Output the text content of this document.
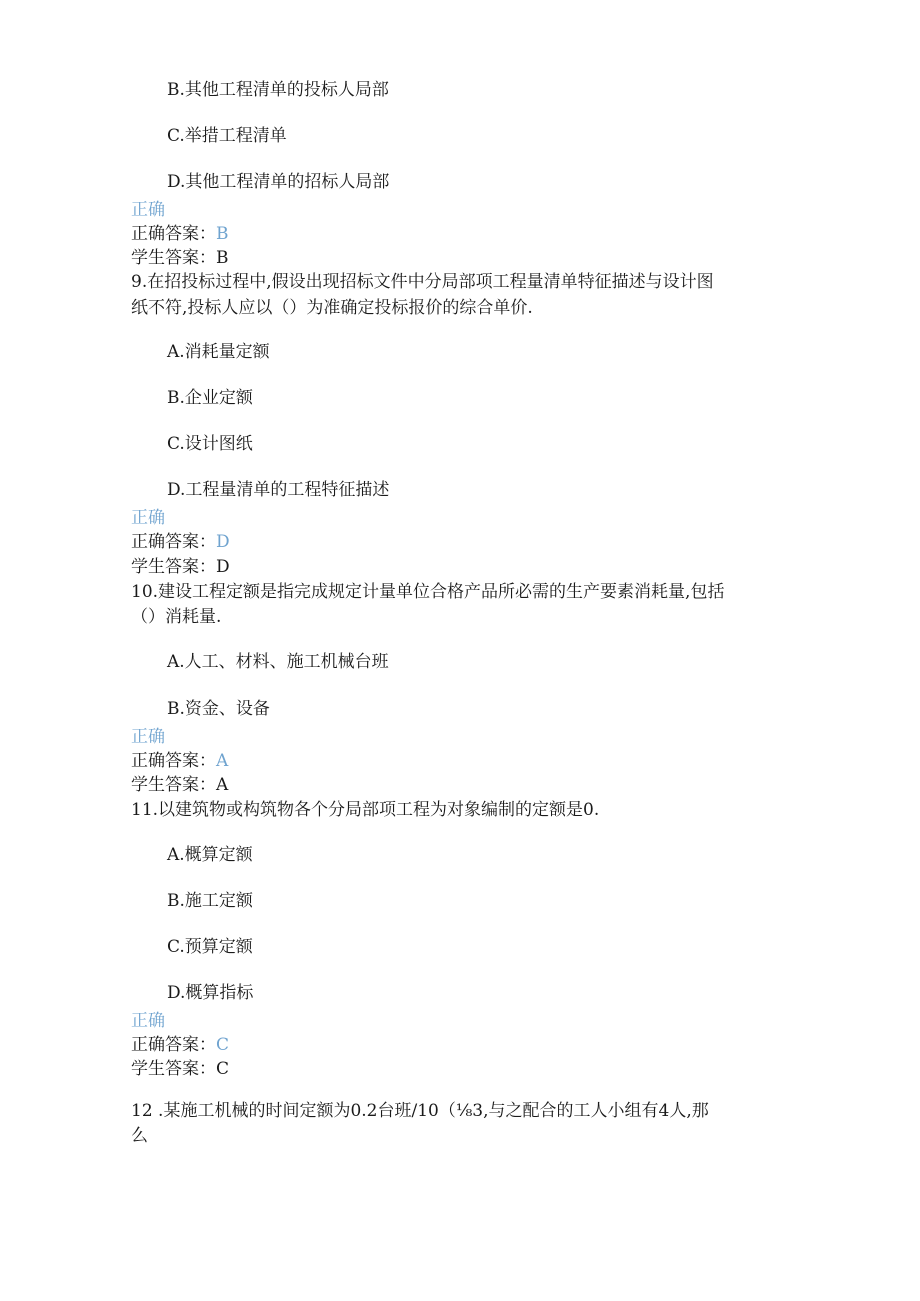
B.其他工程清单的投标人局部
C.举措工程清单
D.其他工程清单的招标人局部
正确
正确答案：B
学生答案：B
9.在招投标过程中,假设出现招标文件中分局部项工程量清单特征描述与设计图
纸不符,投标人应以（）为准确定投标报价的综合单价.
A.消耗量定额
B.企业定额
C.设计图纸
D.工程量清单的工程特征描述
正确
正确答案：D
学生答案：D
10.建设工程定额是指完成规定计量单位合格产品所必需的生产要素消耗量,包括
（）消耗量.
A.人工、材料、施工机械台班
B.资金、设备
正确
正确答案：A
学生答案：A
11.以建筑物或构筑物各个分局部项工程为对象编制的定额是0.
A.概算定额
B.施工定额
C.预算定额
D.概算指标
正确
正确答案：C
学生答案：C
12 .某施工机械的时间定额为0.2台班/10（⅛3,与之配合的工人小组有4人,那
么
